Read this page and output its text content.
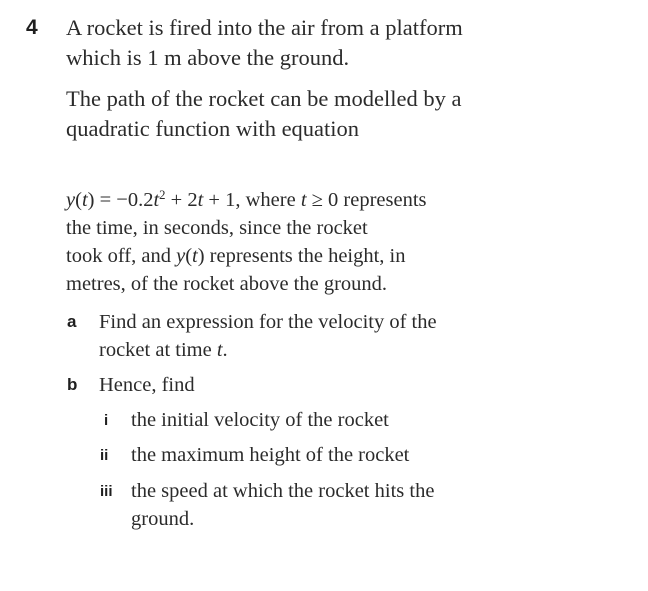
4 A rocket is fired into the air from a platform
which is 1 m above the ground.
The path of the rocket can be modelled by a
quadratic function with equation
$y(t) = -0.2t^2 + 2t + 1$, where t ≥ 0 represents
the time, in seconds, since the rocket
took off, and y(t) represents the height, in
metres, of the rocket above the ground.
a Find an expression for the velocity of the
rocket at time t.
b Hence, find
i the initial velocity of the rocket
ii the maximum height of the rocket
iii the speed at which the rocket hits the
ground.
